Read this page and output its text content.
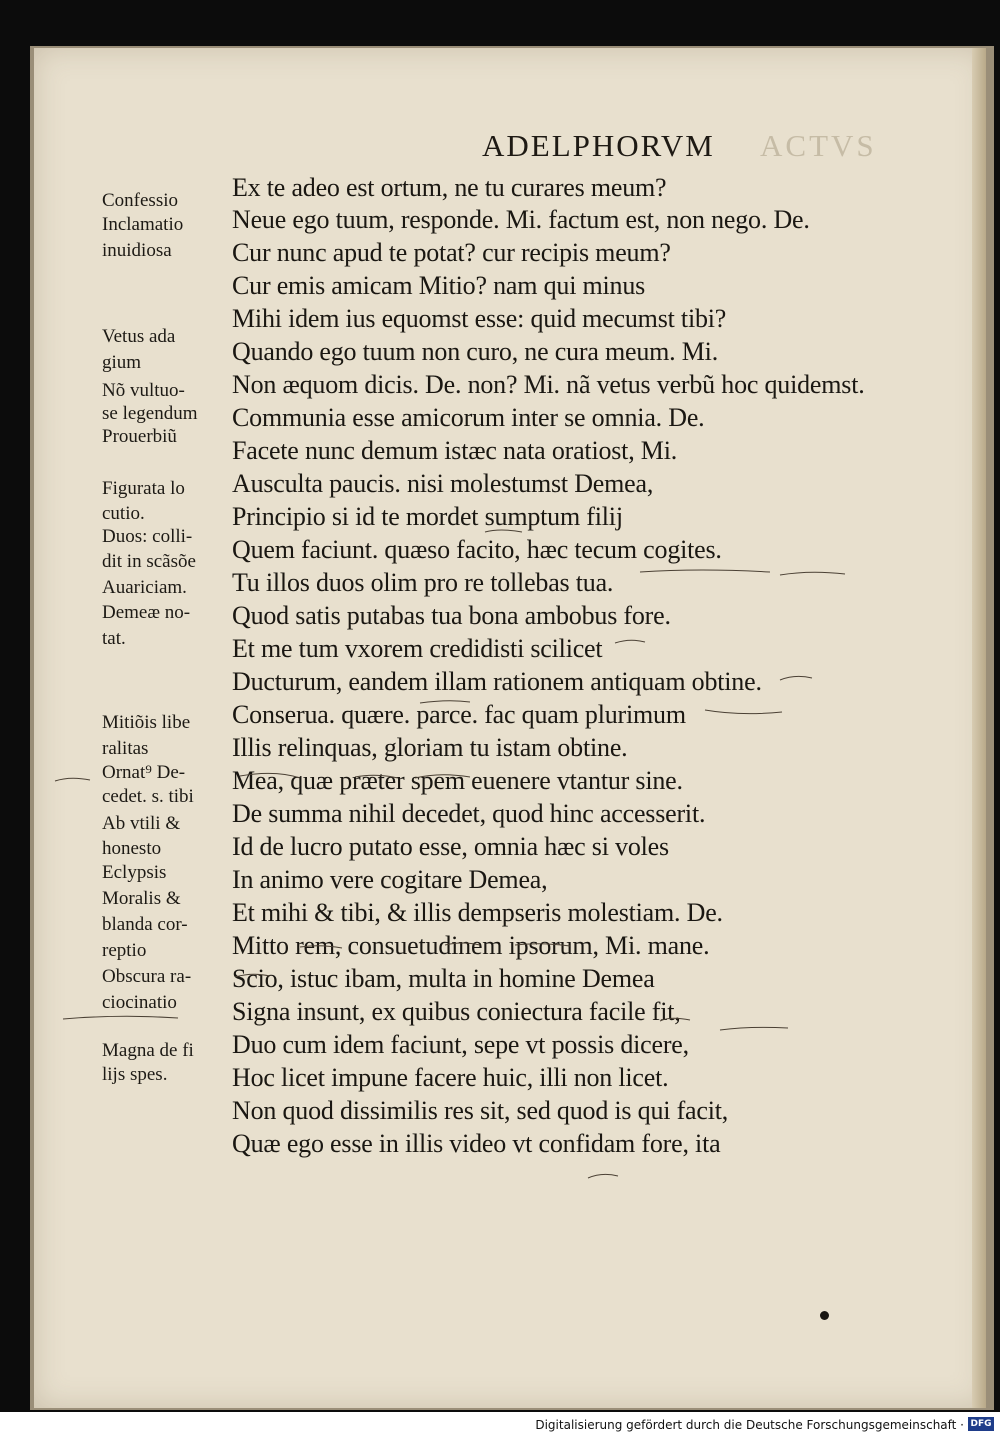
ADELPHORVM ACTVS
Ex te adeo est ortum, ne tu curares meum?
Neue ego tuum, responde. Mi. factum est, non nego. De.
Cur nunc apud te potat? cur recipis meum?
Cur emis amicam Mitio? nam qui minus
Mihi idem ius equomst esse: quid mecumst tibi?
Quando ego tuum non curo, ne cura meum. Mi.
Non æquom dicis. De. non? Mi. nã vetus verbũ hoc quidemst.
Communia esse amicorum inter se omnia. De.
Facete nunc demum istæc nata oratiost, Mi.
Ausculta paucis. nisi molestumst Demea,
Principio si id te mordet sumptum filij
Quem faciunt. quæso facito, hæc tecum cogites.
Tu illos duos olim pro re tollebas tua.
Quod satis putabas tua bona ambobus fore.
Et me tum vxorem credidisti scilicet
Ducturum, eandem illam rationem antiquam obtine.
Conserua. quære. parce. fac quam plurimum
Illis relinquas, gloriam tu istam obtine.
Mea, quæ præter spem euenere vtantur sine.
De summa nihil decedet, quod hinc accesserit.
Id de lucro putato esse, omnia hæc si voles
In animo vere cogitare Demea,
Et mihi & tibi, & illis dempseris molestiam. De.
Mitto rem, consuetudinem ipsorum, Mi. mane.
Scio, istuc ibam, multa in homine Demea
Signa insunt, ex quibus coniectura facile fit,
Duo cum idem faciunt, sepe vt possis dicere,
Hoc licet impune facere huic, illi non licet.
Non quod dissimilis res sit, sed quod is qui facit,
Quæ ego esse in illis video vt confidam fore, ita
Confessio
Inclamatio
inuidiosa
Vetus ada
gium
Nõ vultuo-
se legendum
Prouerbiũ
Figurata lo
cutio.
Duos: colli-
dit in scãsõe
Auariciam.
Demeæ no-
tat.
Mitiõis libe
ralitas
Ornat⁹ De-
cedet. s. tibi
Ab vtili &
honesto
Eclypsis
Moralis &
blanda cor-
reptio
Obscura ra-
ciocinatio
Magna de fi
lijs spes.
Digitalisierung gefördert durch die Deutsche Forschungsgemeinschaft · DFG
